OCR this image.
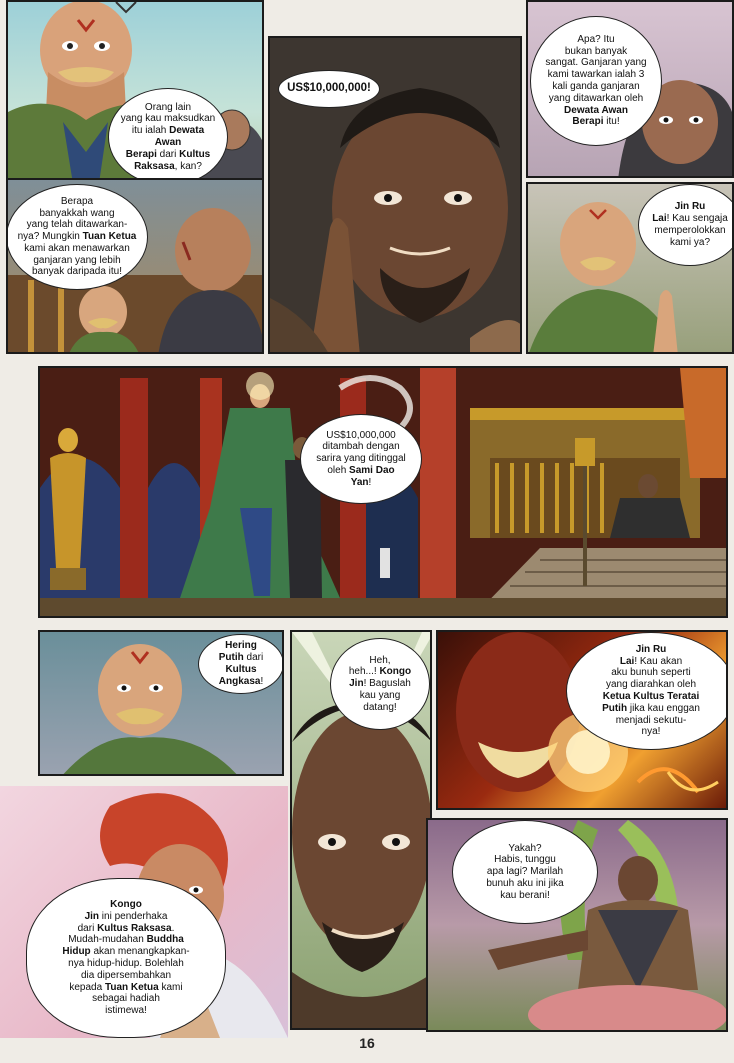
Orang lain
yang kau maksudkan
itu ialah Dewata Awan
Berapi dari Kultus
Raksasa, kan?
Berapa
banyakkah wang
yang telah ditawarkan-
nya? Mungkin Tuan Ketua
kami akan menawarkan
ganjaran yang lebih
banyak daripada itu!
US$10,000,000!
Apa? Itu
bukan banyak
sangat. Ganjaran yang
kami tawarkan ialah 3
kali ganda ganjaran
yang ditawarkan oleh
Dewata Awan
Berapi itu!
Jin Ru
Lai! Kau sengaja
memperolokkan
kami ya?
US$10,000,000
ditambah dengan
sarira yang ditinggal
oleh Sami Dao
Yan!
Hering
Putih dari
Kultus
Angkasa!
Heh,
heh...! Kongo
Jin! Baguslah
kau yang
datang!
Jin Ru
Lai! Kau akan
aku bunuh seperti
yang diarahkan oleh
Ketua Kultus Teratai
Putih jika kau enggan
menjadi sekutu-
nya!
Kongo
Jin ini penderhaka
dari Kultus Raksasa.
Mudah-mudahan Buddha
Hidup akan menangkapkan-
nya hidup-hidup. Bolehlah
dia dipersembahkan
kepada Tuan Ketua kami
sebagai hadiah
istimewa!
Yakah?
Habis, tunggu
apa lagi? Marilah
bunuh aku ini jika
kau berani!
16
